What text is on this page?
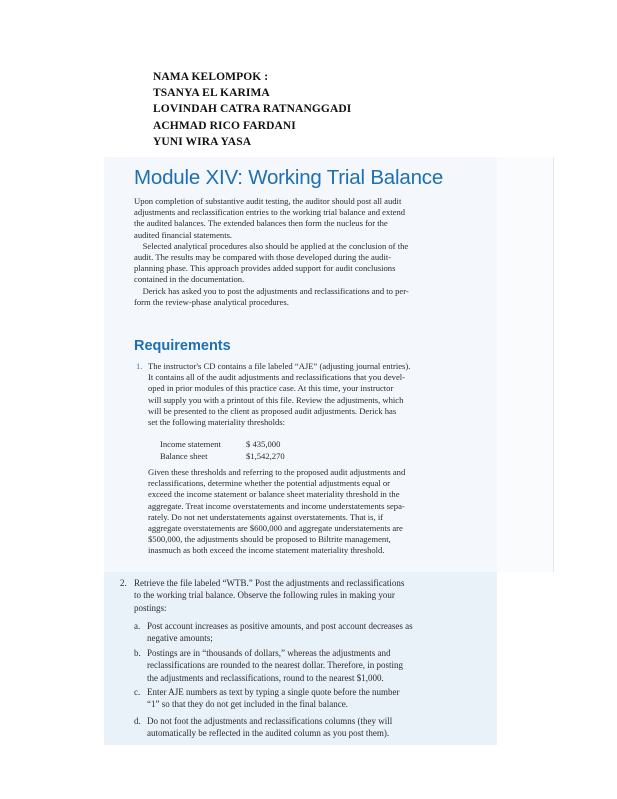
NAMA KELOMPOK :
TSANYA EL KARIMA
LOVINDAH CATRA RATNANGGADI
ACHMAD RICO FARDANI
YUNI WIRA YASA
Module XIV: Working Trial Balance
Upon completion of substantive audit testing, the auditor should post all audit
adjustments and reclassification entries to the working trial balance and extend
the audited balances. The extended balances then form the nucleus for the
audited financial statements.
Selected analytical procedures also should be applied at the conclusion of the
audit. The results may be compared with those developed during the audit-
planning phase. This approach provides added support for audit conclusions
contained in the documentation.
Derick has asked you to post the adjustments and reclassifications and to per-
form the review-phase analytical procedures.
Requirements
1. The instructor's CD contains a file labeled “AJE” (adjusting journal entries).
It contains all of the audit adjustments and reclassifications that you devel-
oped in prior modules of this practice case. At this time, your instructor
will supply you with a printout of this file. Review the adjustments, which
will be presented to the client as proposed audit adjustments. Derick has
set the following materiality thresholds:
Income statement	$ 435,000
Balance sheet	$1,542,270
Given these thresholds and referring to the proposed audit adjustments and
reclassifications, determine whether the potential adjustments equal or
exceed the income statement or balance sheet materiality threshold in the
aggregate. Treat income overstatements and income understatements sepa-
rately. Do not net understatements against overstatements. That is, if
aggregate overstatements are $600,000 and aggregate understatements are
$500,000, the adjustments should be proposed to Biltrite management,
inasmuch as both exceed the income statement materiality threshold.
2. Retrieve the file labeled “WTB.” Post the adjustments and reclassifications
to the working trial balance. Observe the following rules in making your
postings:
a. Post account increases as positive amounts, and post account decreases as
negative amounts;
b. Postings are in “thousands of dollars,” whereas the adjustments and
reclassifications are rounded to the nearest dollar. Therefore, in posting
the adjustments and reclassifications, round to the nearest $1,000.
c. Enter AJE numbers as text by typing a single quote before the number
“1” so that they do not get included in the final balance.
d. Do not foot the adjustments and reclassifications columns (they will
automatically be reflected in the audited column as you post them).
